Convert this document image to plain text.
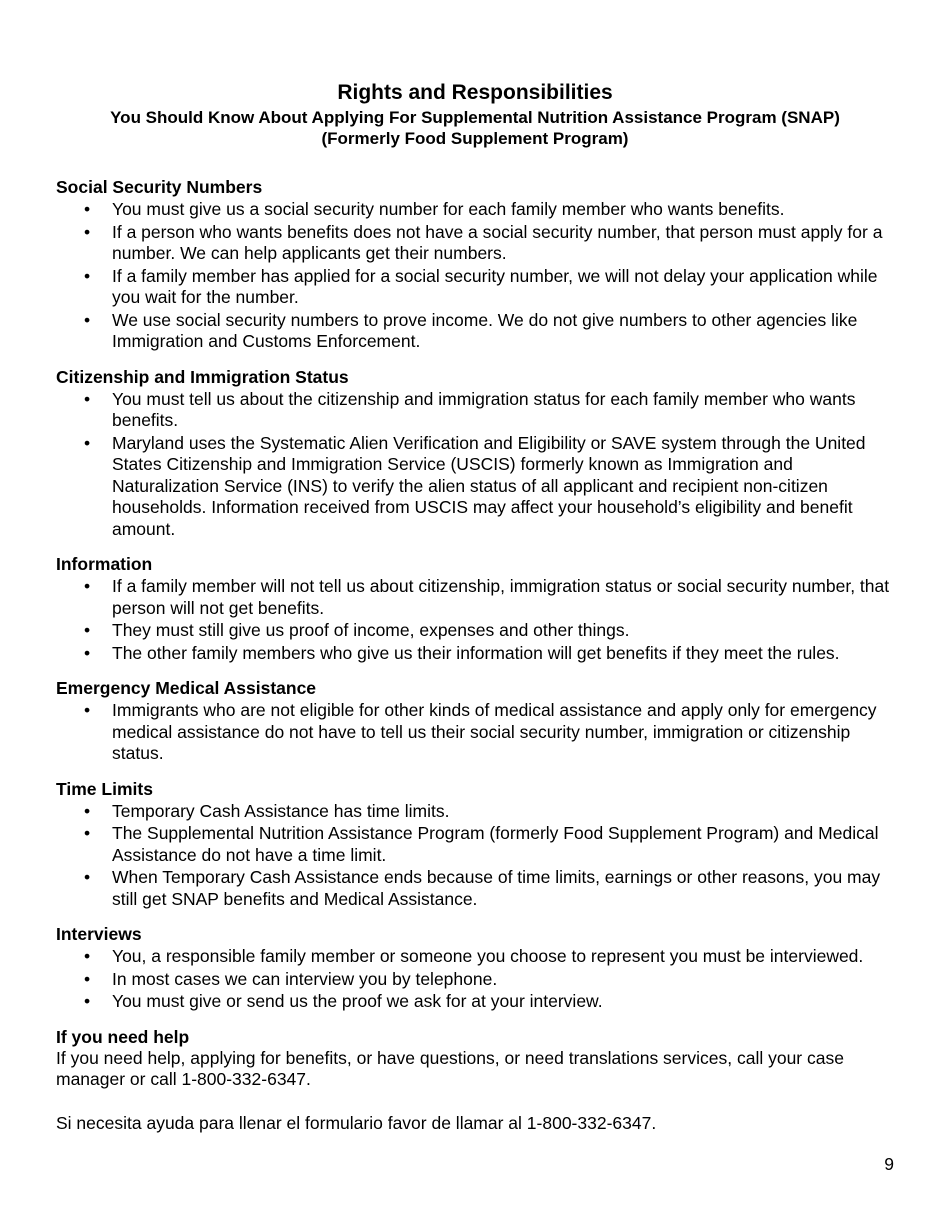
Rights and Responsibilities
You Should Know About Applying For Supplemental Nutrition Assistance Program (SNAP)
(Formerly Food Supplement Program)
Social Security Numbers
• You must give us a social security number for each family member who wants benefits.
• If a person who wants benefits does not have a social security number, that person must apply for a number. We can help applicants get their numbers.
• If a family member has applied for a social security number, we will not delay your application while you wait for the number.
• We use social security numbers to prove income. We do not give numbers to other agencies like Immigration and Customs Enforcement.
Citizenship and Immigration Status
• You must tell us about the citizenship and immigration status for each family member who wants benefits.
• Maryland uses the Systematic Alien Verification and Eligibility or SAVE system through the United States Citizenship and Immigration Service (USCIS) formerly known as Immigration and Naturalization Service (INS) to verify the alien status of all applicant and recipient non-citizen households. Information received from USCIS may affect your household’s eligibility and benefit amount.
Information
• If a family member will not tell us about citizenship, immigration status or social security number, that person will not get benefits.
• They must still give us proof of income, expenses and other things.
• The other family members who give us their information will get benefits if they meet the rules.
Emergency Medical Assistance
• Immigrants who are not eligible for other kinds of medical assistance and apply only for emergency medical assistance do not have to tell us their social security number, immigration or citizenship status.
Time Limits
• Temporary Cash Assistance has time limits.
• The Supplemental Nutrition Assistance Program (formerly Food Supplement Program) and Medical Assistance do not have a time limit.
• When Temporary Cash Assistance ends because of time limits, earnings or other reasons, you may still get SNAP benefits and Medical Assistance.
Interviews
• You, a responsible family member or someone you choose to represent you must be interviewed.
• In most cases we can interview you by telephone.
• You must give or send us the proof we ask for at your interview.
If you need help

If you need help, applying for benefits, or have questions, or need translations services, call your case manager or call 1-800-332-6347.

Si necesita ayuda para llenar el formulario favor de llamar al 1-800-332-6347.

9
